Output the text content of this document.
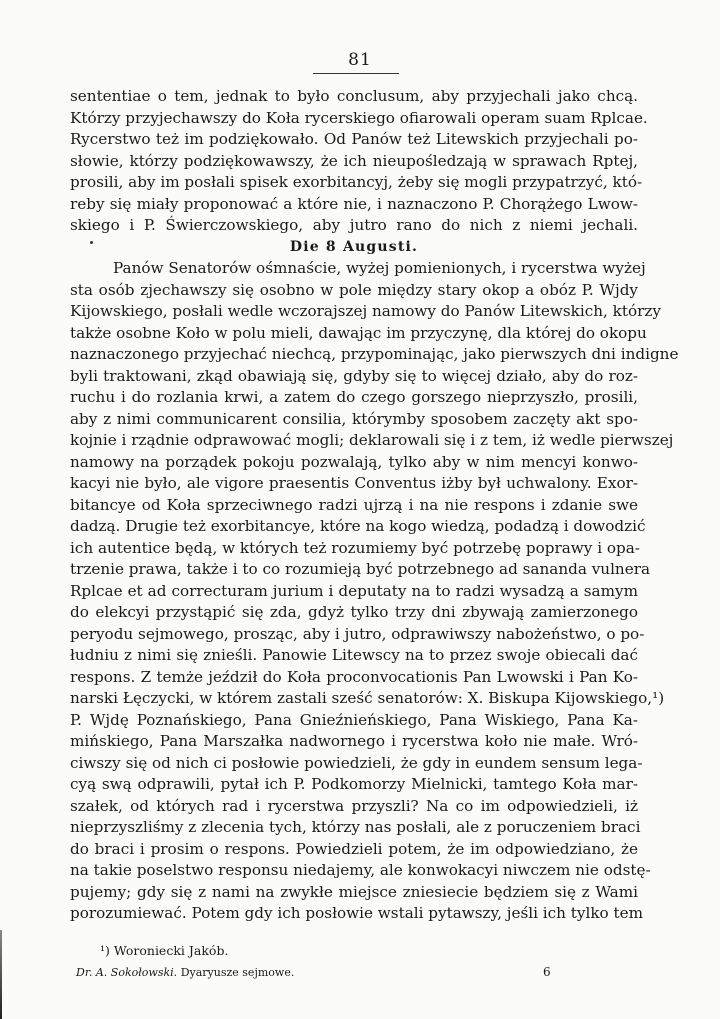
81
sententiae o tem, jednak to było conclusum, aby przyjechali jako chcą.
Którzy przyjechawszy do Koła rycerskiego ofiarowali operam suam Rplcae.
Rycerstwo też im podziękowało. Od Panów też Litewskich przyjechali po-
słowie, którzy podziękowawszy, że ich nieupośledzają w sprawach Rptej,
prosili, aby im posłali spisek exorbitancyj, żeby się mogli przypatrzyć, któ-
reby się miały proponować a które nie, i naznaczono P. Chorążego Lwow-
skiego i P. Świerczowskiego, aby jutro rano do nich z niemi jechali.
Die 8 Augusti.
Panów Senatorów ośmnaście, wyżej pomienionych, i rycerstwa wyżej
sta osób zjechawszy się osobno w pole między stary okop a obóz P. Wjdy
Kijowskiego, posłali wedle wczorajszej namowy do Panów Litewskich, którzy
także osobne Koło w polu mieli, dawając im przyczynę, dla której do okopu
naznaczonego przyjechać niechcą, przypominając, jako pierwszych dni indigne
byli traktowani, zkąd obawiają się, gdyby się to więcej działo, aby do roz-
ruchu i do rozlania krwi, a zatem do czego gorszego nieprzyszło, prosili,
aby z nimi communicarent consilia, którymby sposobem zaczęty akt spo-
kojnie i rządnie odprawować mogli; deklarowali się i z tem, iż wedle pierwszej
namowy na porządek pokoju pozwalają, tylko aby w nim mencyi konwo-
kacyi nie było, ale vigore praesentis Conventus iżby był uchwalony. Exor-
bitancye od Koła sprzeciwnego radzi ujrzą i na nie respons i zdanie swe
dadzą. Drugie też exorbitancye, które na kogo wiedzą, podadzą i dowodzić
ich autentice będą, w których też rozumiemy być potrzebę poprawy i opa-
trzenie prawa, także i to co rozumieją być potrzebnego ad sananda vulnera
Rplcae et ad correcturam jurium i deputaty na to radzi wysadzą a samym
do elekcyi przystąpić się zda, gdyż tylko trzy dni zbywają zamierzonego
peryodu sejmowego, prosząc, aby i jutro, odprawiwszy nabożeństwo, o po-
łudniu z nimi się znieśli. Panowie Litewscy na to przez swoje obiecali dać
respons. Z temże jeździł do Koła proconvocationis Pan Lwowski i Pan Ko-
narski Łęczycki, w którem zastali sześć senatorów: X. Biskupa Kijowskiego,¹)
P. Wjdę Poznańskiego, Pana Gnieźnieńskiego, Pana Wiskiego, Pana Ka-
mińskiego, Pana Marszałka nadwornego i rycerstwa koło nie małe. Wró-
ciwszy się od nich ci posłowie powiedzieli, że gdy in eundem sensum lega-
cyą swą odprawili, pytał ich P. Podkomorzy Mielnicki, tamtego Koła mar-
szałek, od których rad i rycerstwa przyszli? Na co im odpowiedzieli, iż
nieprzyszliśmy z zlecenia tych, którzy nas posłali, ale z poruczeniem braci
do braci i prosim o respons. Powiedzieli potem, że im odpowiedziano, że
na takie poselstwo responsu niedajemy, ale konwokacyi niwczem nie odstę-
pujemy; gdy się z nami na zwykłe miejsce zniesiecie będziem się z Wami
porozumiewać. Potem gdy ich posłowie wstali pytawszy, jeśli ich tylko tem
¹) Woroniecki Jakób.
Dr. A. Sokołowski. Dyaryusze sejmowe.	6
